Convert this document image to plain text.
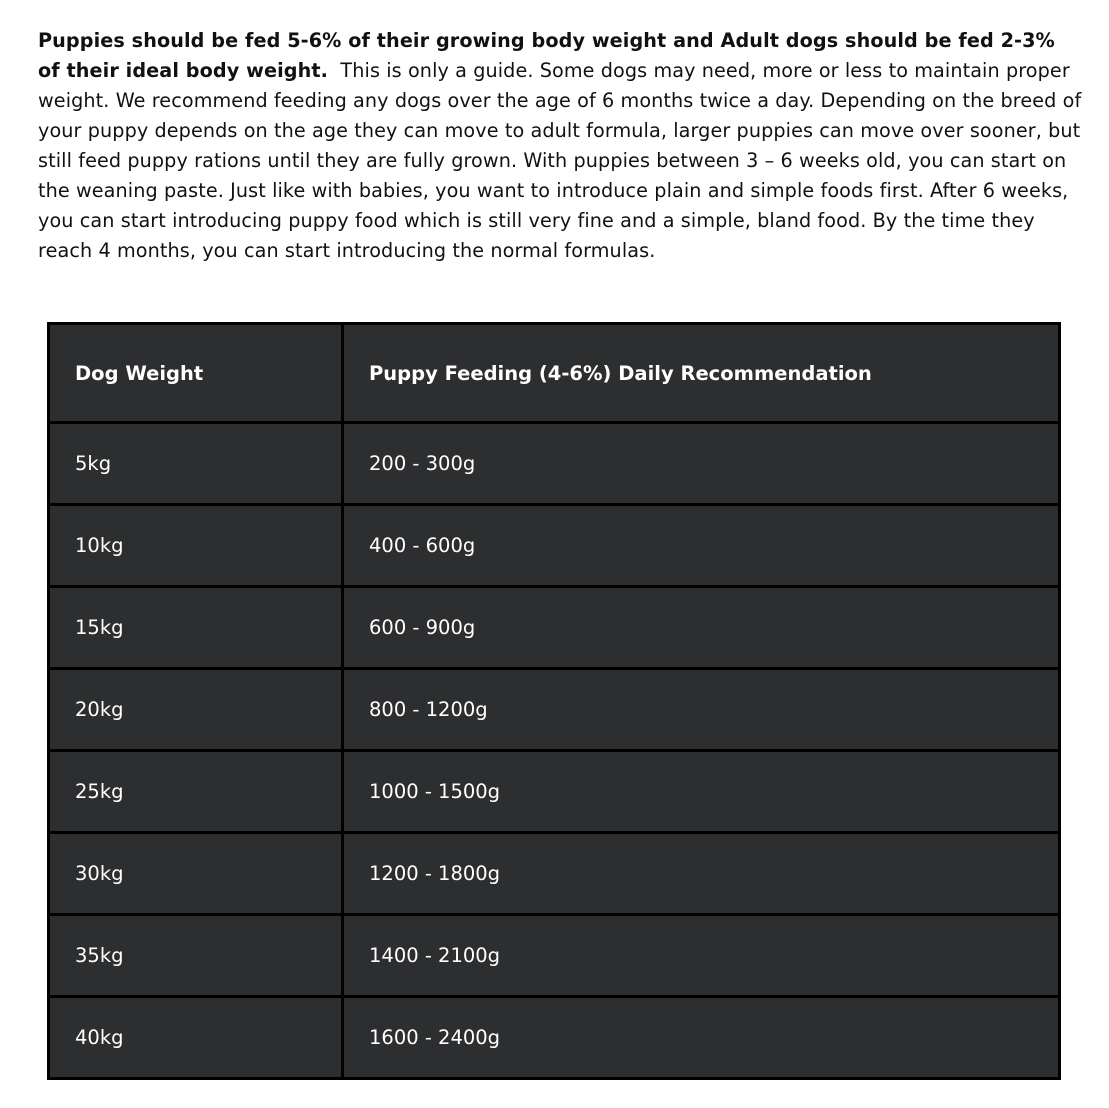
Puppies should be fed 5-6% of their growing body weight and Adult dogs should be fed 2-3% of their ideal body weight.  This is only a guide. Some dogs may need, more or less to maintain proper weight. We recommend feeding any dogs over the age of 6 months twice a day. Depending on the breed of your puppy depends on the age they can move to adult formula, larger puppies can move over sooner, but still feed puppy rations until they are fully grown. With puppies between 3 – 6 weeks old, you can start on the weaning paste. Just like with babies, you want to introduce plain and simple foods first. After 6 weeks, you can start introducing puppy food which is still very fine and a simple, bland food. By the time they reach 4 months, you can start introducing the normal formulas.

Dog Weight	Puppy Feeding (4-6%) Daily Recommendation
5kg	200 - 300g
10kg	400 - 600g
15kg	600 - 900g
20kg	800 - 1200g
25kg	1000 - 1500g
30kg	1200 - 1800g
35kg	1400 - 2100g
40kg	1600 - 2400g
